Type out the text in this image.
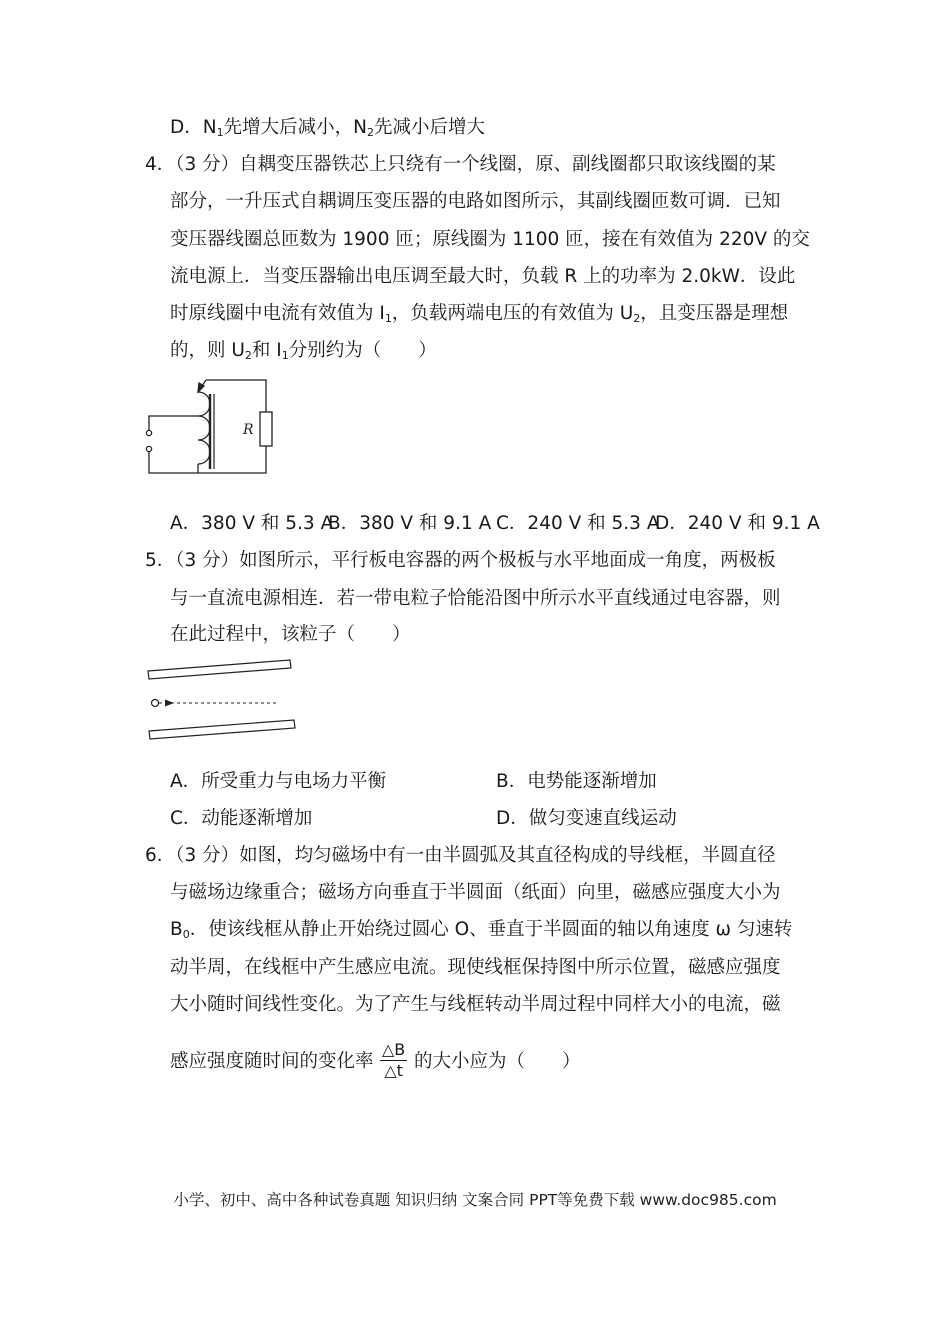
D．$N_1$先增大后减小，$N_2$先减小后增大
4．（3 分）自耦变压器铁芯上只绕有一个线圈，原、副线圈都只取该线圈的某
部分，一升压式自耦调压变压器的电路如图所示，其副线圈匝数可调．已知
变压器线圈总匝数为 1900 匝；原线圈为 1100 匝，接在有效值为 220V 的交
流电源上．当变压器输出电压调至最大时，负载 R 上的功率为 2.0kW．设此
时原线圈中电流有效值为 $I_1$，负载两端电压的有效值为 $U_2$，且变压器是理想
的，则 $U_2$和 $I_1$分别约为（　　）
R
A．380 V 和 5.3 A
B．380 V 和 9.1 A C．240 V 和 5.3 A
D．240 V 和 9.1 A
5．（3 分）如图所示，平行板电容器的两个极板与水平地面成一角度，两极板
与一直流电源相连．若一带电粒子恰能沿图中所示水平直线通过电容器，则
在此过程中，该粒子（　　）
A．所受重力与电场力平衡	B．电势能逐渐增加
C．动能逐渐增加	D．做匀变速直线运动
6．（3 分）如图，均匀磁场中有一由半圆弧及其直径构成的导线框，半圆直径
与磁场边缘重合；磁场方向垂直于半圆面（纸面）向里，磁感应强度大小为
$B_0$．使该线框从静止开始绕过圆心 O、垂直于半圆面的轴以角速度 ω 匀速转
动半周，在线框中产生感应电流。现使线框保持图中所示位置，磁感应强度
大小随时间线性变化。为了产生与线框转动半周过程中同样大小的电流，磁
感应强度随时间的变化率 $\frac{\triangle B}{\triangle t}$ 的大小应为（　　）
小学、初中、高中各种试卷真题 知识归纳 文案合同 PPT等免费下载 www.doc985.com
